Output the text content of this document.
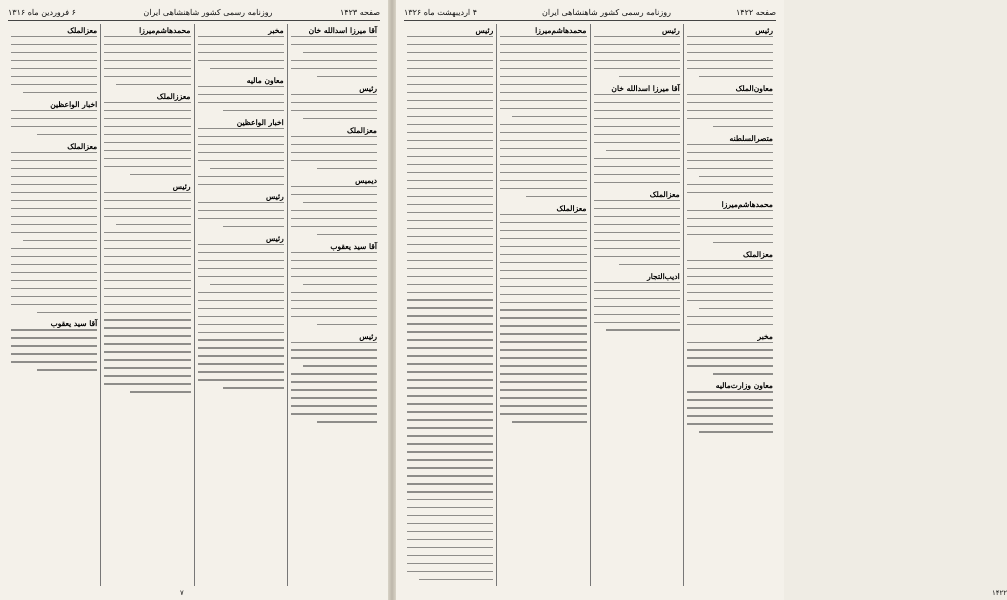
صفحه ۱۴۲۳
روزنامه رسمی کشور شاهنشاهی ایران
۶ فروردین ماه ۱۳۱۶
آقا میرزا اسدالله خان
رئیس
معزالملک
دیمیس
آقا سید یعقوب
رئیس
مخبر
معاون مالیه
اخبار الواعظین
رئیس
رئیس
محمدهاشم‌میرزا
معززالملک
رئیس
معزالملک
اخبار الواعظین
معزالملک
آقا سید یعقوب
۷
صفحه ۱۴۲۲
روزنامه رسمی کشور شاهنشاهی ایران
۴ اردیبهشت ماه ۱۳۲۶
رئیس
معاون‌الملک
متصرالسلطنه
محمدهاشم‌میرزا
معزالملک
مخبر
معاون وزارت‌مالیه
رئیس
آقا میرزا اسدالله خان
معزالملک
ادیب‌التجار
محمدهاشم‌میرزا
معزالملک
رئیس
۱۴۲۲
